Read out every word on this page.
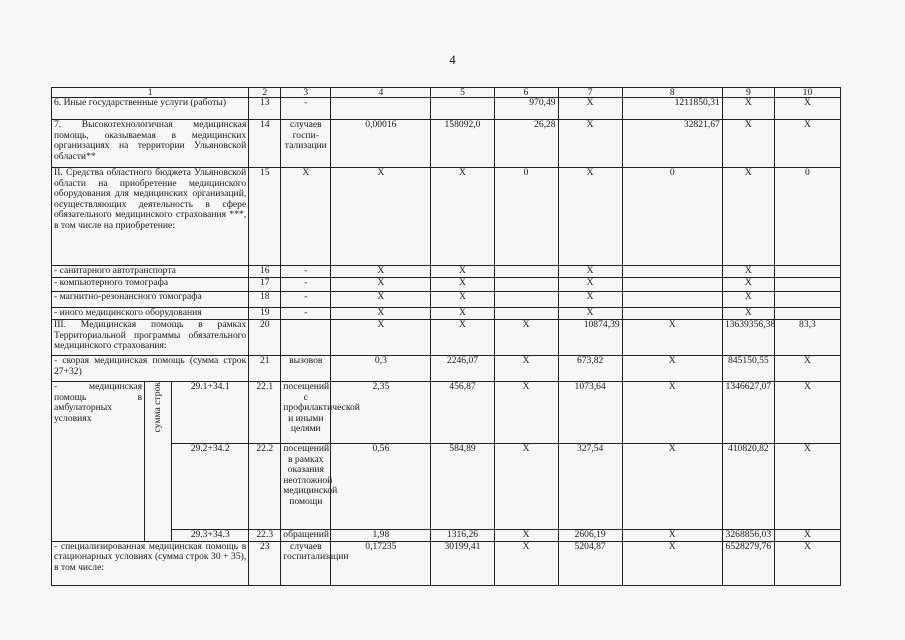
4
1			2	3	4	5	6	7	8	9	10
6. Иные государственные услуги (работы)			13	-			970,49	X	1211850,31	X	X
7. Высокотехнологичная медицинская помощь, оказываемая в медицинских организациях на территории Ульяновской области**			14	случаев госпи-тализации	0,00016	158092,0	26,28	X	32821,67	X	X
II. Средства областного бюджета Ульяновской области на приобретение медицинского оборудования для медицинских организаций, осуществляющих деятельность в сфере обязательного медицинского страхования ***, в том числе на приобретение:			15	X	X	X	0	X	0	X	0
- санитарного автотранспорта			16	-	X	X		X		X	
- компьютерного томографа			17	-	X	X		X		X	
- магнитно-резонансного томографа			18	-	X	X		X		X	
- иного медицинского оборудования			19	-	X	X		X		X	
III. Медицинская помощь в рамках Территориальной программы обязательного медицинского страхования:			20		X	X	X	10874,39	X	13639356,38	83,3
- скорая медицинская помощь (сумма строк 27+32)			21	вызовов	0,3	2246,07	X	673,82	X	845150,55	X
- медицинская помощь в амбулаторных условиях	сумма строк	29.1+34.1	22.1	посещений с профилактической и иными целями	2,35	456,87	X	1073,64	X	1346627,07	X
		29.2+34.2	22.2	посещений в рамках оказания неотложной медицинской помощи	0,56	584,89	X	327,54	X	410820,82	X
		29.3+34.3	22.3	обращений	1,98	1316,26	X	2606,19	X	3268856,03	X
- специализированная медицинская помощь в стационарных условиях (сумма строк 30 + 35), в том числе:			23	случаев госпитализации	0,17235	30199,41	X	5204,87	X	6528279,76	X
